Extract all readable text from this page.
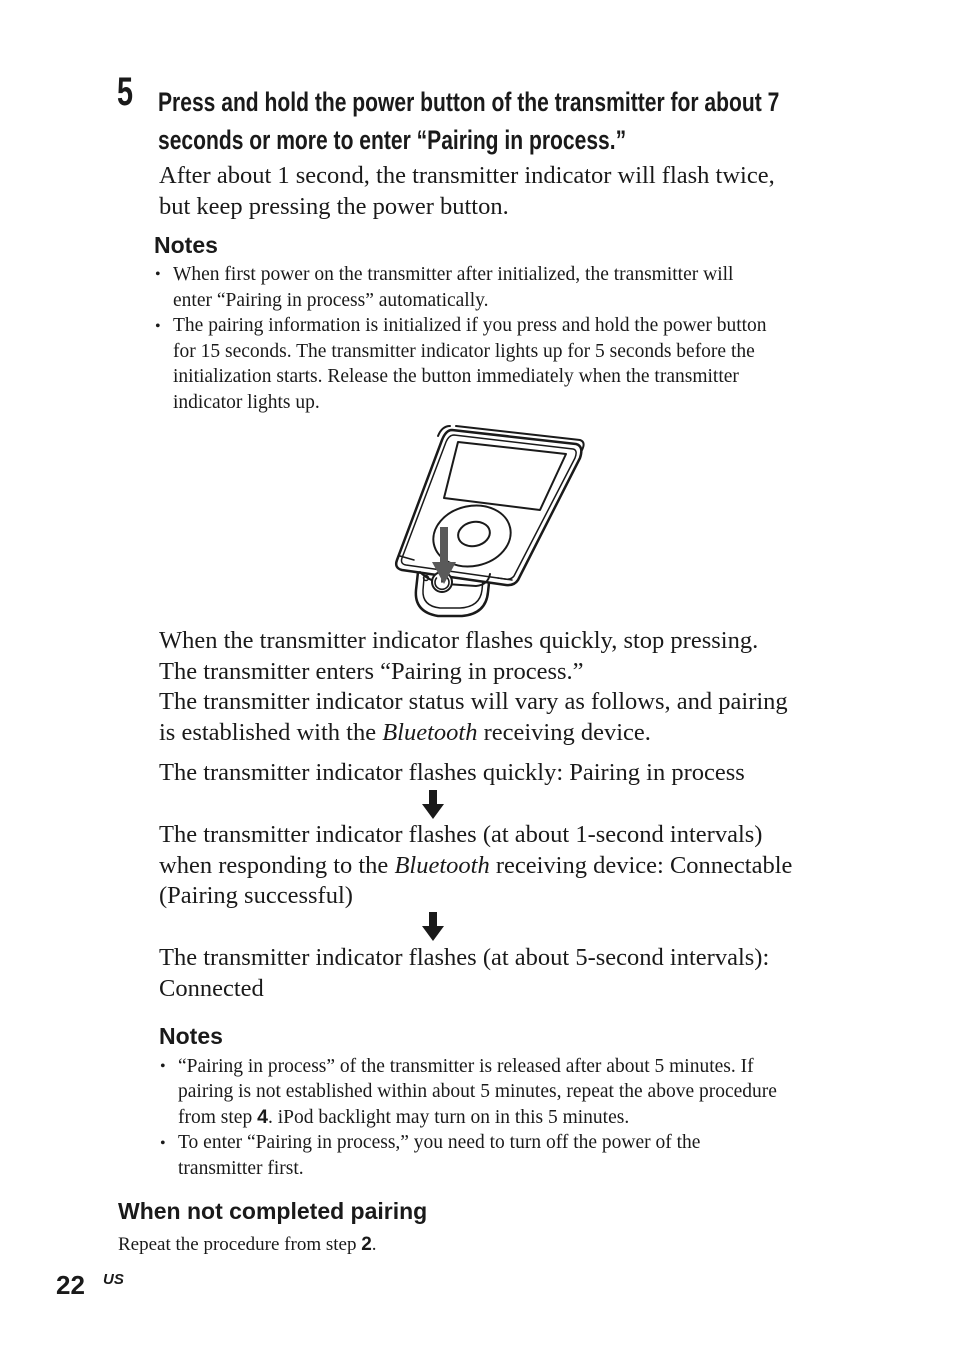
5 Press and hold the power button of the transmitter for about 7
seconds or more to enter “Pairing in process.”
After about 1 second, the transmitter indicator will flash twice,
but keep pressing the power button.
Notes
• When first power on the transmitter after initialized, the transmitter will
enter “Pairing in process” automatically.
• The pairing information is initialized if you press and hold the power button
for 15 seconds. The transmitter indicator lights up for 5 seconds before the
initialization starts. Release the button immediately when the transmitter
indicator lights up.
When the transmitter indicator flashes quickly, stop pressing.
The transmitter enters “Pairing in process.”
The transmitter indicator status will vary as follows, and pairing
is established with the Bluetooth receiving device.
The transmitter indicator flashes quickly: Pairing in process
The transmitter indicator flashes (at about 1-second intervals)
when responding to the Bluetooth receiving device: Connectable
(Pairing successful)
The transmitter indicator flashes (at about 5-second intervals):
Connected
Notes
• “Pairing in process” of the transmitter is released after about 5 minutes. If
pairing is not established within about 5 minutes, repeat the above procedure
from step 4. iPod backlight may turn on in this 5 minutes.
• To enter “Pairing in process,” you need to turn off the power of the
transmitter first.
When not completed pairing
Repeat the procedure from step 2.
22 US
